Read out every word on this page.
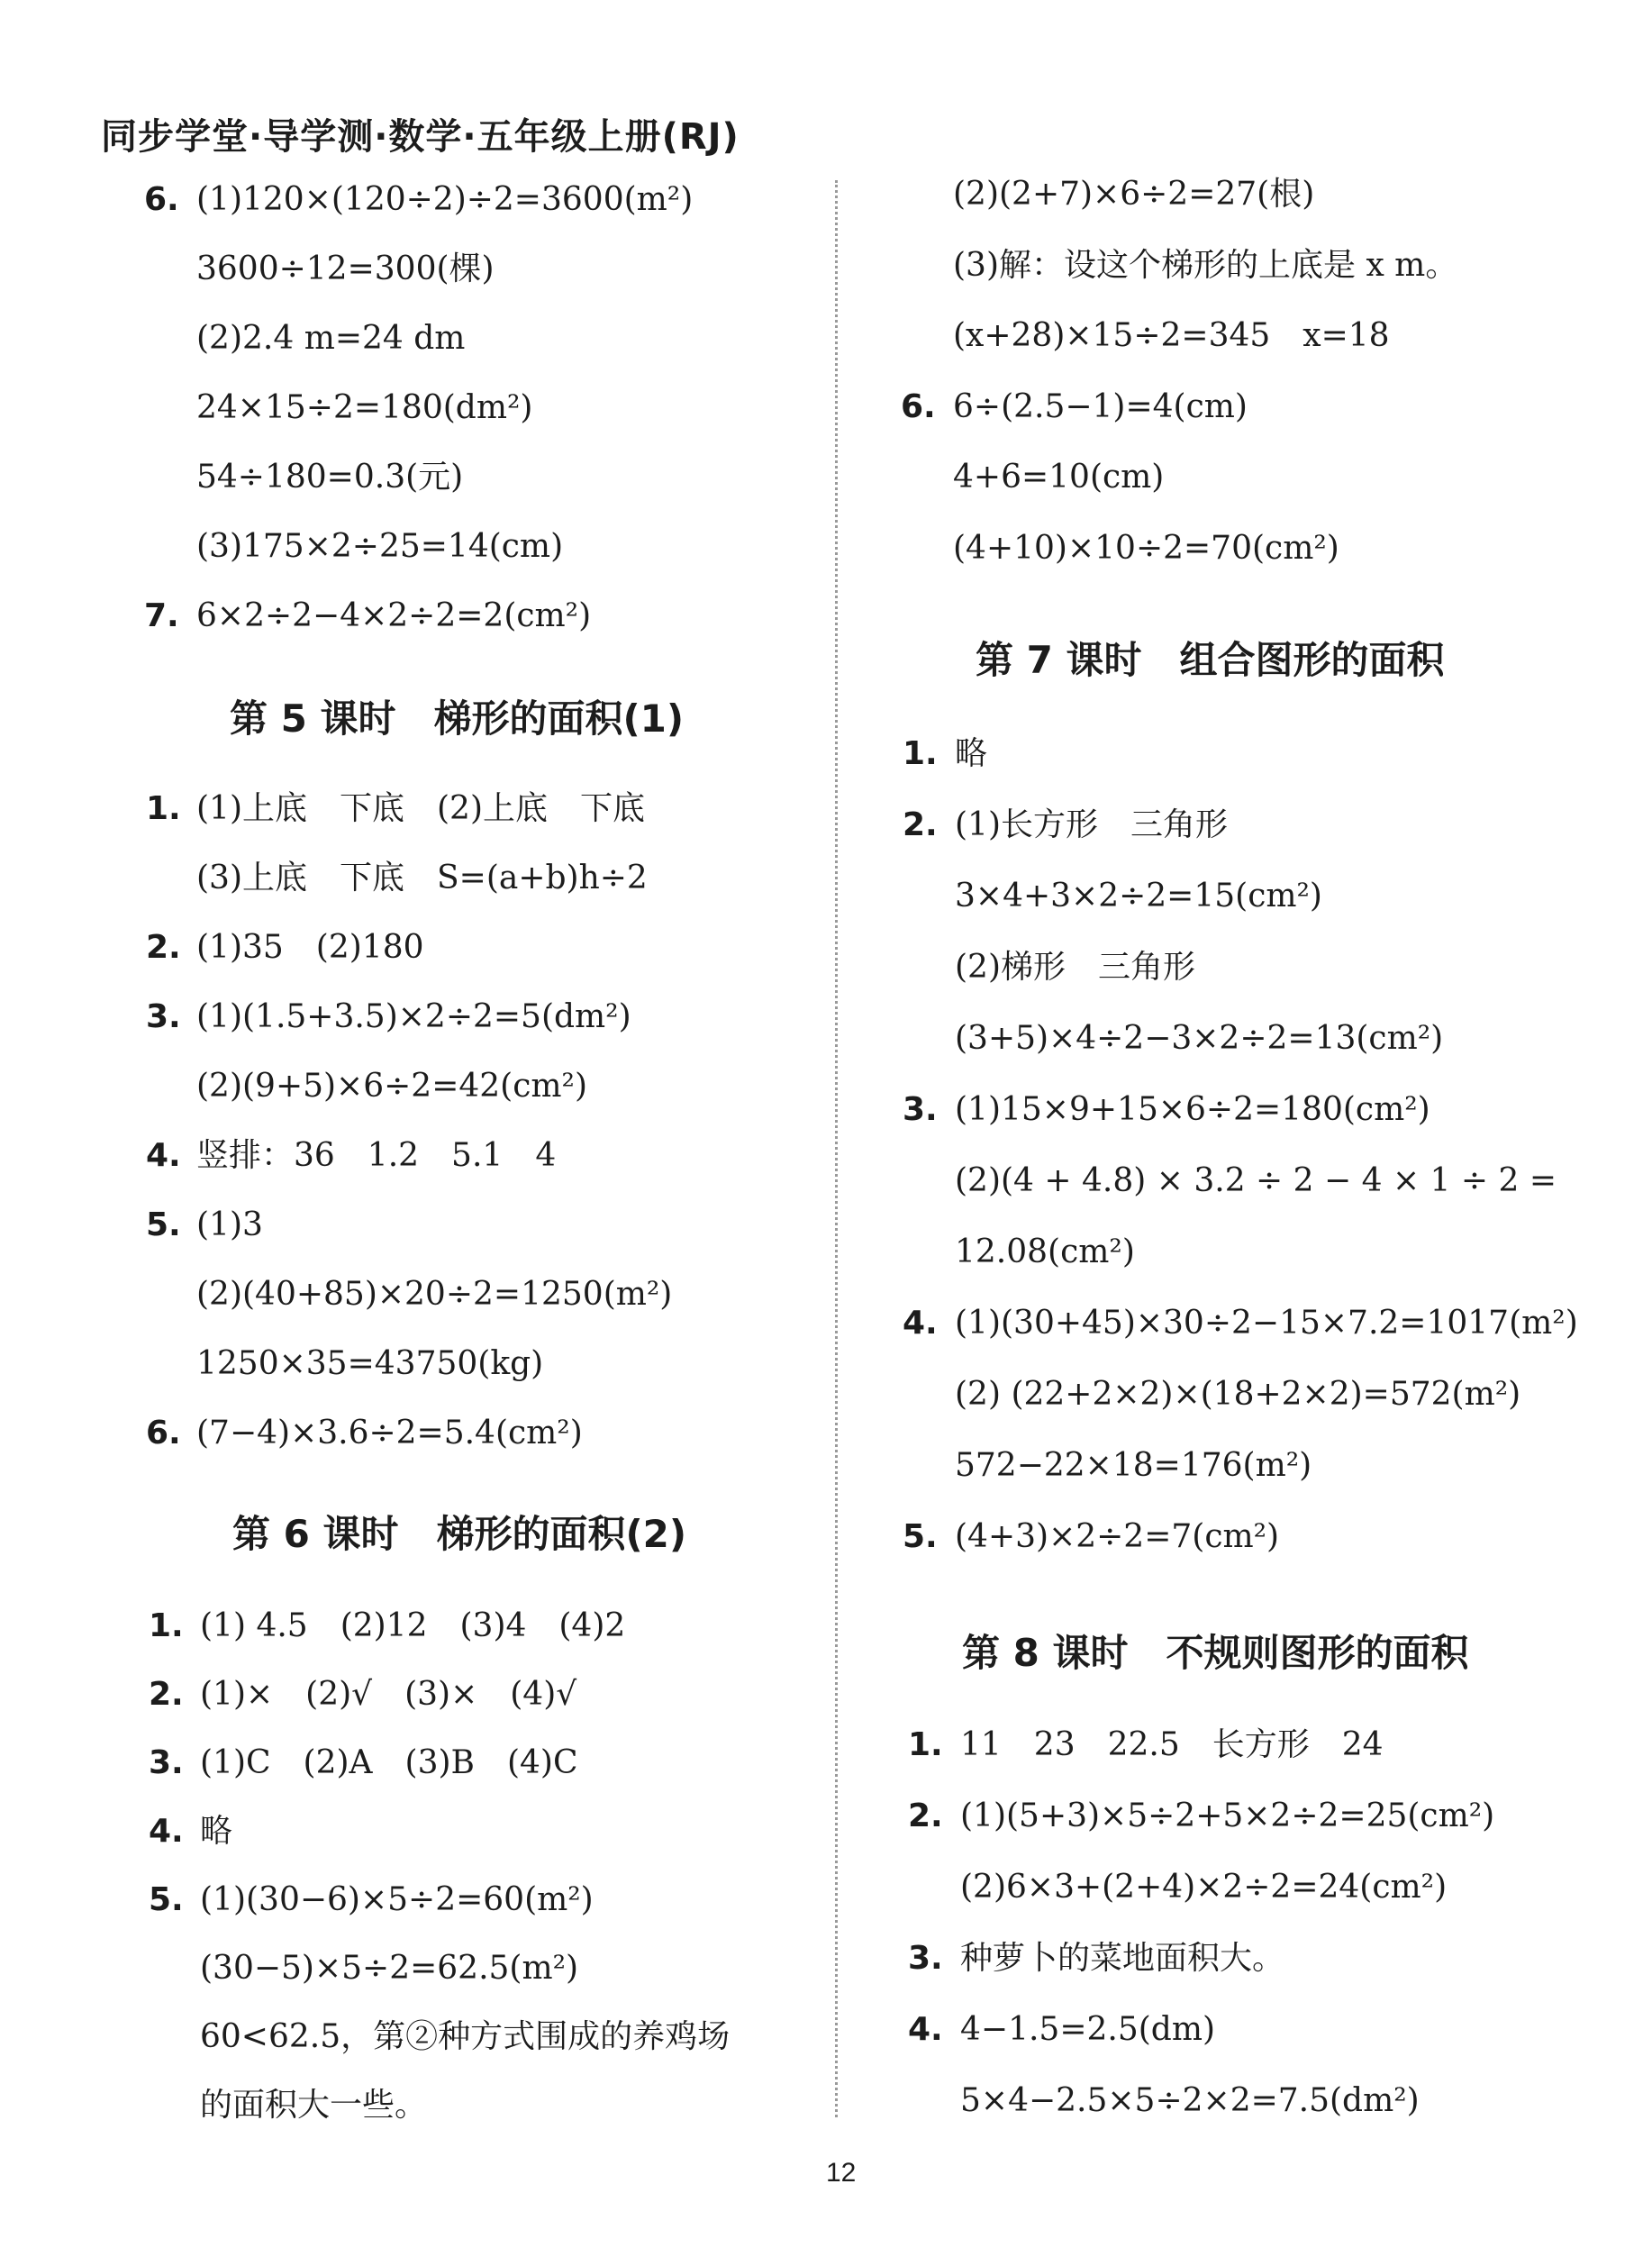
同步学堂·导学测·数学·五年级上册(RJ)
第 5 课时　梯形的面积(1)
第 6 课时　梯形的面积(2)
第 7 课时　组合图形的面积
第 8 课时　不规则图形的面积
6. (1)120×(120÷2)÷2=3600(m²)
3600÷12=300(棵)
(2)2.4 m=24 dm
24×15÷2=180(dm²)
54÷180=0.3(元)
(3)175×2÷25=14(cm)
7. 6×2÷2−4×2÷2=2(cm²)
1. (1)上底　下底　(2)上底　下底
(3)上底　下底　S=(a+b)h÷2
2. (1)35　(2)180
3. (1)(1.5+3.5)×2÷2=5(dm²)
(2)(9+5)×6÷2=42(cm²)
4. 竖排：36　1.2　5.1　4
5. (1)3
(2)(40+85)×20÷2=1250(m²)
1250×35=43750(kg)
6. (7−4)×3.6÷2=5.4(cm²)
1. (1) 4.5　(2)12　(3)4　(4)2
2. (1)×　(2)√　(3)×　(4)√
3. (1)C　(2)A　(3)B　(4)C
4. 略
5. (1)(30−6)×5÷2=60(m²)
(30−5)×5÷2=62.5(m²)
60<62.5，第②种方式围成的养鸡场
的面积大一些。
(2)(2+7)×6÷2=27(根)
(3)解：设这个梯形的上底是 x m。
(x+28)×15÷2=345　x=18
6. 6÷(2.5−1)=4(cm)
4+6=10(cm)
(4+10)×10÷2=70(cm²)
1. 略
2. (1)长方形　三角形
3×4+3×2÷2=15(cm²)
(2)梯形　三角形
(3+5)×4÷2−3×2÷2=13(cm²)
3. (1)15×9+15×6÷2=180(cm²)
(2)(4 + 4.8) × 3.2 ÷ 2 − 4 × 1 ÷ 2 =
12.08(cm²)
4. (1)(30+45)×30÷2−15×7.2=1017(m²)
(2) (22+2×2)×(18+2×2)=572(m²)
572−22×18=176(m²)
5. (4+3)×2÷2=7(cm²)
1. 11　23　22.5　长方形　24
2. (1)(5+3)×5÷2+5×2÷2=25(cm²)
(2)6×3+(2+4)×2÷2=24(cm²)
3. 种萝卜的菜地面积大。
4. 4−1.5=2.5(dm)
5×4−2.5×5÷2×2=7.5(dm²)
12
